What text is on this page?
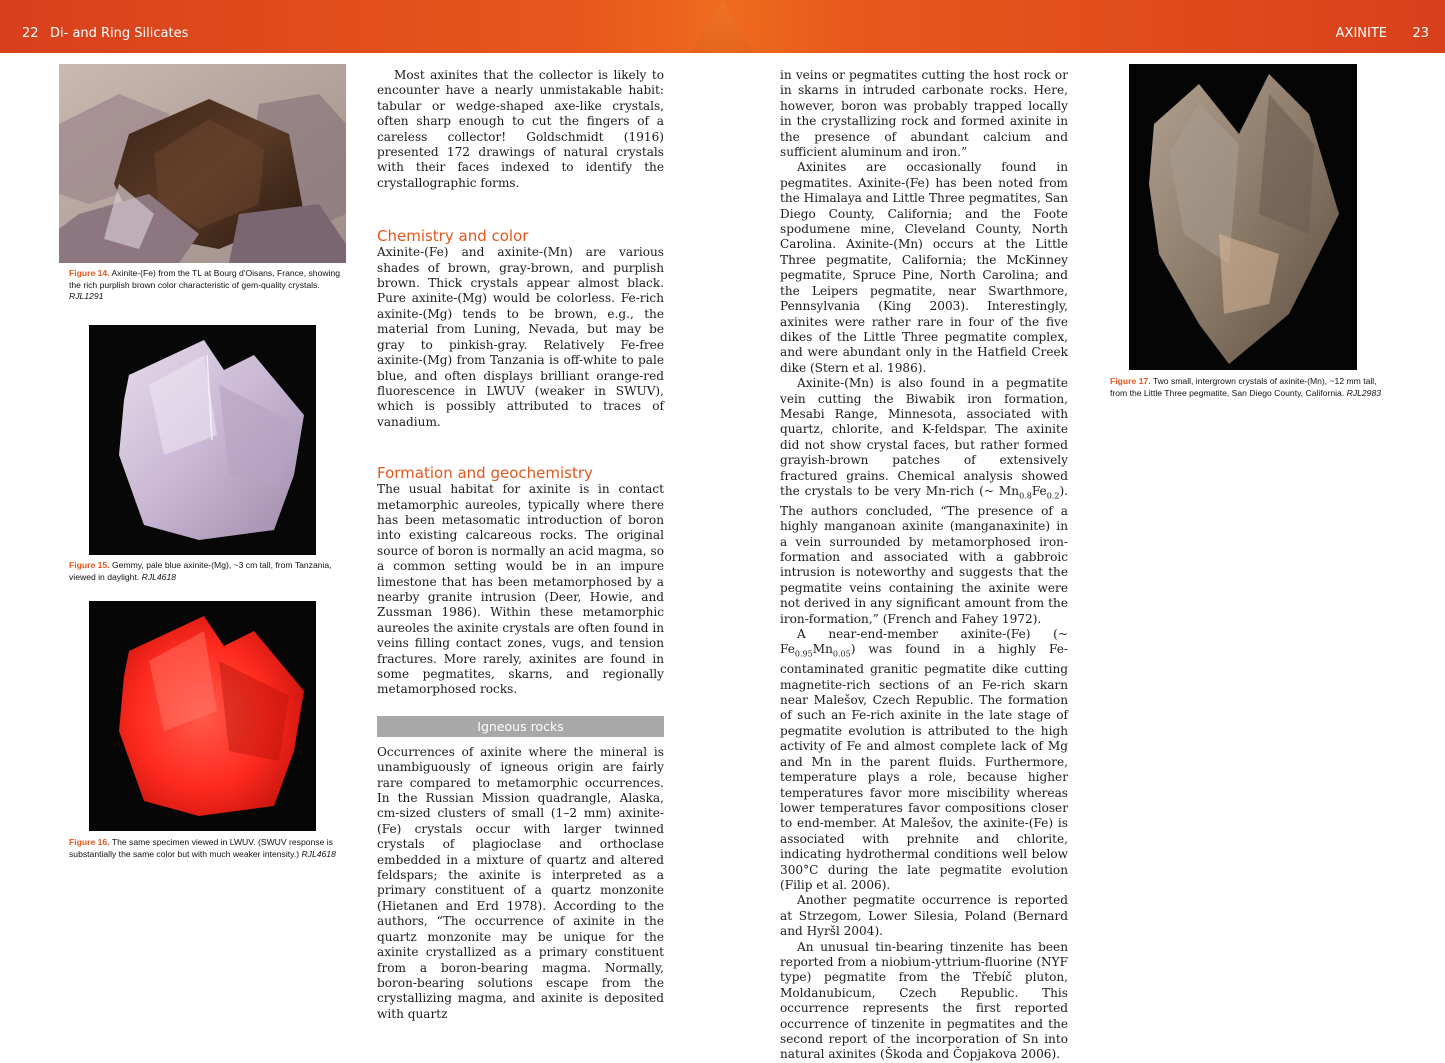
22 Di- and Ring Silicates	AXINITE 23
Figure 14. Axinite-(Fe) from the TL at Bourg d'Oisans, France, showing the rich purplish brown color characteristic of gem-quality crystals.
RJL1291
Figure 15. Gemmy, pale blue axinite-(Mg), ~3 cm tall, from Tanzania, viewed in daylight. RJL4618
Figure 16. The same specimen viewed in LWUV. (SWUV response is substantially the same color but with much weaker intensity.) RJL4618
Figure 17. Two small, intergrown crystals of axinite-(Mn), ~12 mm tall, from the Little Three pegmatite, San Diego County, California. RJL2983

Most axinites that the collector is likely to encounter have a nearly unmistakable habit: tabular or wedge-shaped axe-like crystals, often sharp enough to cut the fingers of a careless collector! Goldschmidt (1916) presented 172 drawings of natural crystals with their faces indexed to identify the crystallographic forms.

Chemistry and color

Axinite-(Fe) and axinite-(Mn) are various shades of brown, gray-brown, and purplish brown. Thick crystals appear almost black. Pure axinite-(Mg) would be colorless. Fe-rich axinite-(Mg) tends to be brown, e.g., the material from Luning, Nevada, but may be gray to pinkish-gray. Relatively Fe-free axinite-(Mg) from Tanzania is off-white to pale blue, and often displays brilliant orange-red fluorescence in LWUV (weaker in SWUV), which is possibly attributed to traces of vanadium.

Formation and geochemistry

The usual habitat for axinite is in contact metamorphic aureoles, typically where there has been metasomatic introduction of boron into existing calcareous rocks. The original source of boron is normally an acid magma, so a common setting would be in an impure limestone that has been metamorphosed by a nearby granite intrusion (Deer, Howie, and Zussman 1986). Within these metamorphic aureoles the axinite crystals are often found in veins filling contact zones, vugs, and tension fractures. More rarely, axinites are found in some pegmatites, skarns, and regionally metamorphosed rocks.

Igneous rocks

Occurrences of axinite where the mineral is unambiguously of igneous origin are fairly rare compared to metamorphic occurrences. In the Russian Mission quadrangle, Alaska, cm-sized clusters of small (1–2 mm) axinite-(Fe) crystals occur with larger twinned crystals of plagioclase and orthoclase embedded in a mixture of quartz and altered feldspars; the axinite is interpreted as a primary constituent of a quartz monzonite (Hietanen and Erd 1978). According to the authors, “The occurrence of axinite in the quartz monzonite may be unique for the axinite crystallized as a primary constituent from a boron-bearing magma. Normally, boron-bearing solutions escape from the crystallizing magma, and axinite is deposited with quartz

in veins or pegmatites cutting the host rock or in skarns in intruded carbonate rocks. Here, however, boron was probably trapped locally in the crystallizing rock and formed axinite in the presence of abundant calcium and sufficient aluminum and iron.”

Axinites are occasionally found in pegmatites. Axinite-(Fe) has been noted from the Himalaya and Little Three pegmatites, San Diego County, California; and the Foote spodumene mine, Cleveland County, North Carolina. Axinite-(Mn) occurs at the Little Three pegmatite, California; the McKinney pegmatite, Spruce Pine, North Carolina; and the Leipers pegmatite, near Swarthmore, Pennsylvania (King 2003). Interestingly, axinites were rather rare in four of the five dikes of the Little Three pegmatite complex, and were abundant only in the Hatfield Creek dike (Stern et al. 1986).

Axinite-(Mn) is also found in a pegmatite vein cutting the Biwabik iron formation, Mesabi Range, Minnesota, associated with quartz, chlorite, and K-feldspar. The axinite did not show crystal faces, but rather formed grayish-brown patches of extensively fractured grains. Chemical analysis showed the crystals to be very Mn-rich (~ $Mn_{0.8}Fe_{0.2}$). The authors concluded, “The presence of a highly manganoan axinite (manganaxinite) in a vein surrounded by metamorphosed iron-formation and associated with a gabbroic intrusion is noteworthy and suggests that the pegmatite veins containing the axinite were not derived in any significant amount from the iron-formation,” (French and Fahey 1972).

A near-end-member axinite-(Fe) (~ $Fe_{0.95}Mn_{0.05}$) was found in a highly Fe-contaminated granitic pegmatite dike cutting magnetite-rich sections of an Fe-rich skarn near Malešov, Czech Republic. The formation of such an Fe-rich axinite in the late stage of pegmatite evolution is attributed to the high activity of Fe and almost complete lack of Mg and Mn in the parent fluids. Furthermore, temperature plays a role, because higher temperatures favor more miscibility whereas lower temperatures favor compositions closer to end-member. At Malešov, the axinite-(Fe) is associated with prehnite and chlorite, indicating hydrothermal conditions well below 300°C during the late pegmatite evolution (Filip et al. 2006).

Another pegmatite occurrence is reported at Strzegom, Lower Silesia, Poland (Bernard and Hyršl 2004).

An unusual tin-bearing tinzenite has been reported from a niobium-yttrium-fluorine (NYF type) pegmatite from the Třebíč pluton, Moldanubicum, Czech Republic. This occurrence represents the first reported occurrence of tinzenite in pegmatites and the second report of the incorporation of Sn into natural axinites (Škoda and Čopjakova 2006).
